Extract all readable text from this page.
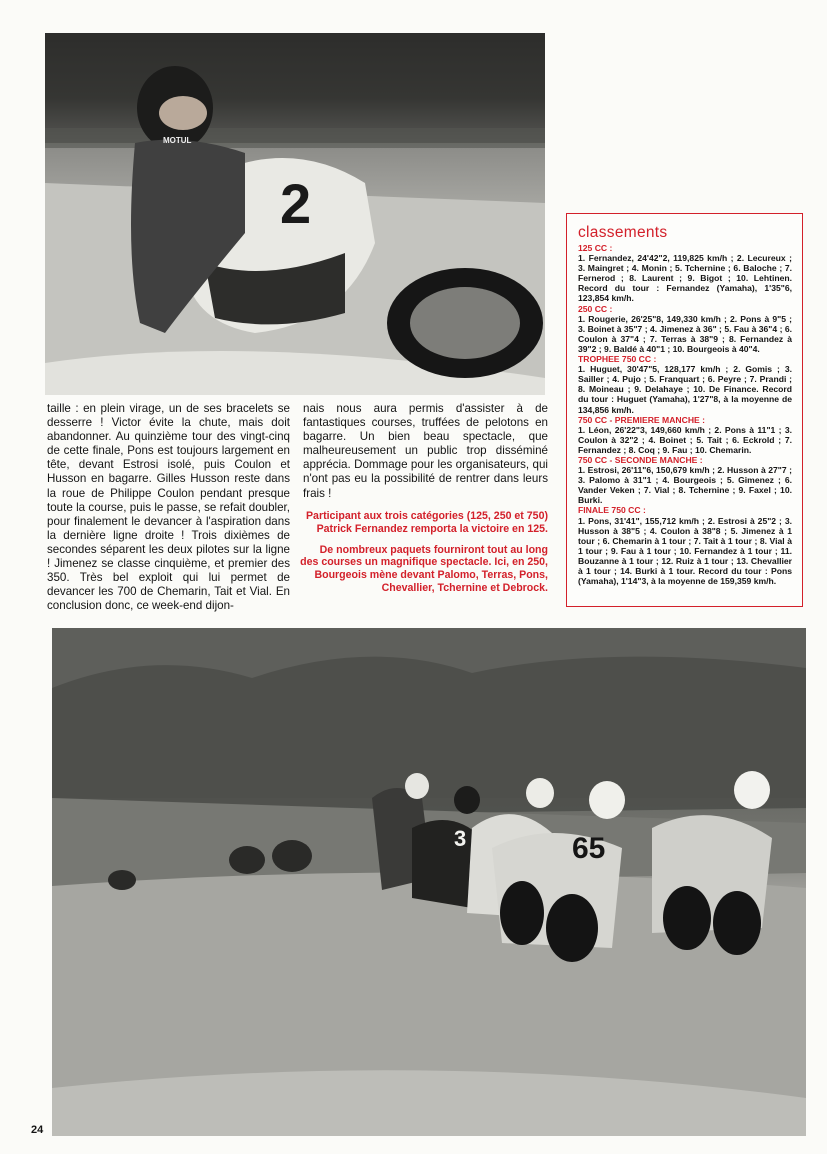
2
MOTUL

taille : en plein virage, un de ses bracelets se desserre ! Victor évite la chute, mais doit abandonner. Au quinzième tour des vingt-cinq de cette finale, Pons est toujours largement en tête, devant Estrosi isolé, puis Coulon et Husson en bagarre. Gilles Husson reste dans la roue de Philippe Coulon pendant presque toute la course, puis le passe, se refait doubler, pour finalement le devancer à l'aspiration dans la dernière ligne droite ! Trois dixièmes de secondes séparent les deux pilotes sur la ligne ! Jimenez se classe cinquième, et premier des 350. Très bel exploit qui lui permet de devancer les 700 de Chemarin, Tait et Vial. En conclusion donc, ce week-end dijon-

nais nous aura permis d'assister à de fantastiques courses, truffées de pelotons en bagarre. Un bien beau spectacle, que malheureusement un public trop disséminé apprécia. Dommage pour les organisateurs, qui n'ont pas eu la possibilité de rentrer dans leurs frais !

Participant aux trois catégories (125, 250 et 750) Patrick Fernandez remporta la victoire en 125.

De nombreux paquets fourniront tout au long des courses un magnifique spectacle. Ici, en 250, Bourgeois mène devant Palomo, Terras, Pons, Chevallier, Tchernine et Debrock.

classements
125 CC :
1. Fernandez, 24'42"2, 119,825 km/h ; 2. Lecureux ; 3. Maingret ; 4. Monin ; 5. Tchernine ; 6. Baloche ; 7. Fernerod ; 8. Laurent ; 9. Bigot ; 10. Lehtinen. Record du tour : Fernandez (Yamaha), 1'35"6, 123,854 km/h.
250 CC :
1. Rougerie, 26'25"8, 149,330 km/h ; 2. Pons à 9"5 ; 3. Boinet à 35"7 ; 4. Jimenez à 36" ; 5. Fau à 36"4 ; 6. Coulon à 37"4 ; 7. Terras à 38"9 ; 8. Fernandez à 39"2 ; 9. Baldé à 40"1 ; 10. Bourgeois à 40"4.
TROPHEE 750 CC :
1. Huguet, 30'47"5, 128,177 km/h ; 2. Gomis ; 3. Sailler ; 4. Pujo ; 5. Franquart ; 6. Peyre ; 7. Prandi ; 8. Moineau ; 9. Delahaye ; 10. De Finance. Record du tour : Huguet (Yamaha), 1'27"8, à la moyenne de 134,856 km/h.
750 CC - PREMIERE MANCHE :
1. Léon, 26'22"3, 149,660 km/h ; 2. Pons à 11"1 ; 3. Coulon à 32"2 ; 4. Boinet ; 5. Tait ; 6. Eckrold ; 7. Fernandez ; 8. Coq ; 9. Fau ; 10. Chemarin.
750 CC - SECONDE MANCHE :
1. Estrosi, 26'11"6, 150,679 km/h ; 2. Husson à 27"7 ; 3. Palomo à 31"1 ; 4. Bourgeois ; 5. Gimenez ; 6. Vander Veken ; 7. Vial ; 8. Tchernine ; 9. Faxel ; 10. Burki.
FINALE 750 CC :
1. Pons, 31'41", 155,712 km/h ; 2. Estrosi à 25"2 ; 3. Husson à 38"5 ; 4. Coulon à 38"8 ; 5. Jimenez à 1 tour ; 6. Chemarin à 1 tour ; 7. Tait à 1 tour ; 8. Vial à 1 tour ; 9. Fau à 1 tour ; 10. Fernandez à 1 tour ; 11. Bouzanne à 1 tour ; 12. Ruiz à 1 tour ; 13. Chevallier à 1 tour ; 14. Burki à 1 tour. Record du tour : Pons (Yamaha), 1'14"3, à la moyenne de 159,359 km/h.
65
3
24
